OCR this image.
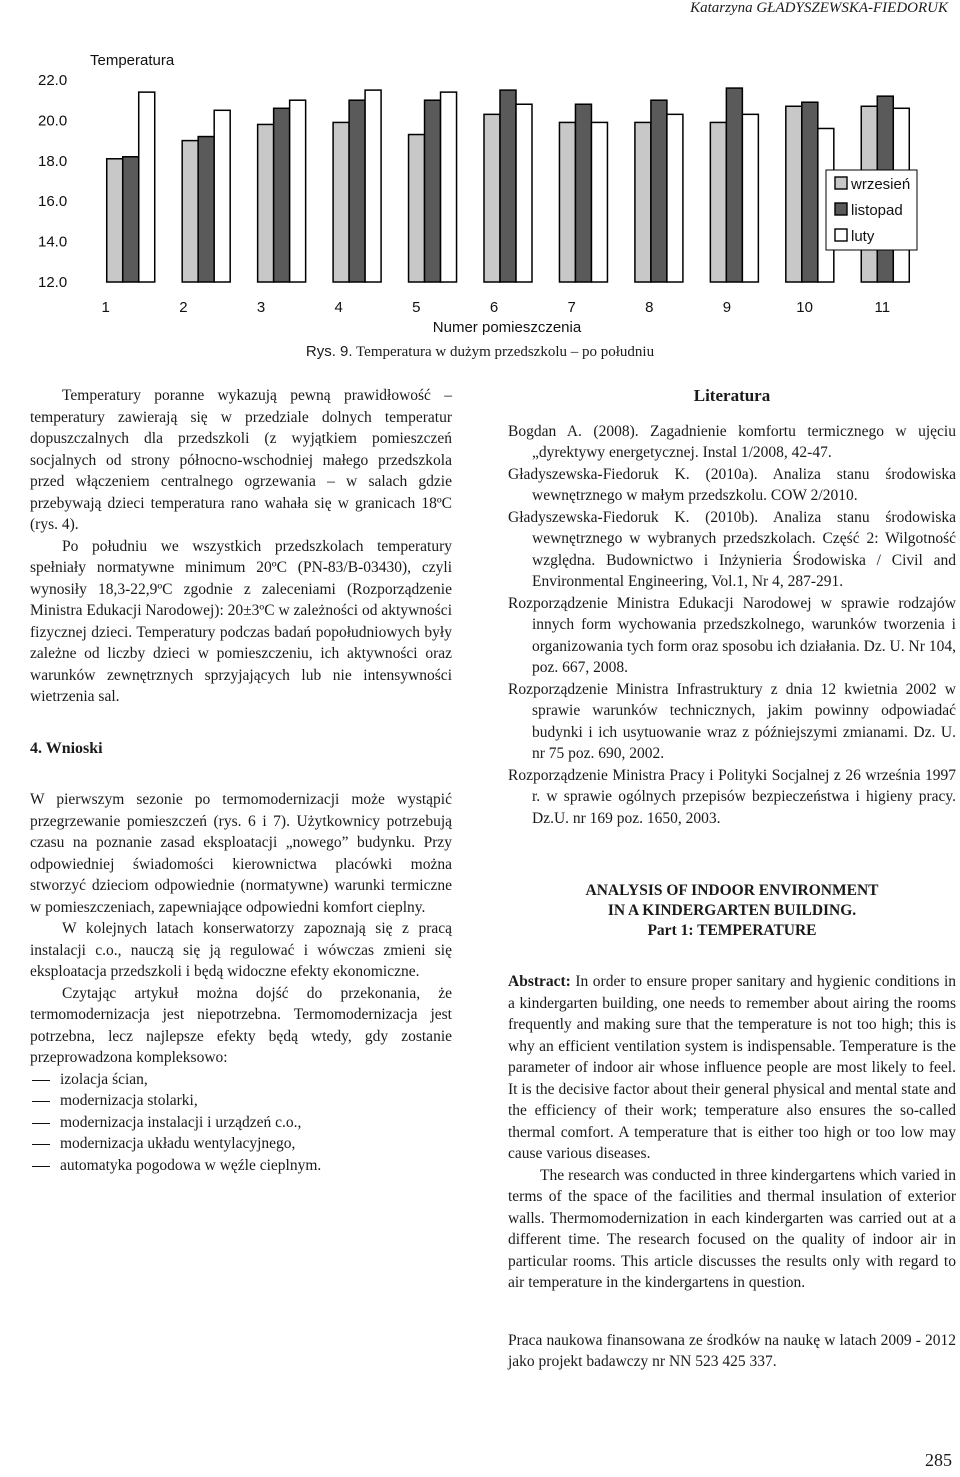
Katarzyna GŁADYSZEWSKA-FIEDORUK
Temperatura
22.0
20.0
18.0
16.0
14.0
12.0
1	2	3	4	5	6	7	8	9	10	11
Numer pomieszczenia
wrzesień
listopad
luty
Rys. 9. Temperatura w dużym przedszkolu – po południu

Temperatury poranne wykazują pewną prawidłowość – temperatury zawierają się w przedziale dolnych temperatur dopuszczalnych dla przedszkoli (z wyjątkiem pomieszczeń socjalnych od strony północno-wschodniej małego przedszkola przed włączeniem centralnego ogrzewania – w salach gdzie przebywają dzieci temperatura rano wahała się w granicach 18ºC (rys. 4).

Po południu we wszystkich przedszkolach temperatury spełniały normatywne minimum 20ºC (PN-83/B-03430), czyli wynosiły 18,3-22,9ºC zgodnie z zaleceniami (Rozporządzenie Ministra Edukacji Narodowej): 20±3ºC w zależności od aktywności fizycznej dzieci. Temperatury podczas badań popołudniowych były zależne od liczby dzieci w pomieszczeniu, ich aktywności oraz warunków zewnętrznych sprzyjających lub nie intensywności wietrzenia sal.

4. Wnioski

W pierwszym sezonie po termomodernizacji może wystąpić przegrzewanie pomieszczeń (rys. 6 i 7). Użytkownicy potrzebują czasu na poznanie zasad eksploatacji „nowego” budynku. Przy odpowiedniej świadomości kierownictwa placówki można stworzyć dzieciom odpowiednie (normatywne) warunki termiczne w pomieszczeniach, zapewniające odpowiedni komfort cieplny.

W kolejnych latach konserwatorzy zapoznają się z pracą instalacji c.o., nauczą się ją regulować i wówczas zmieni się eksploatacja przedszkoli i będą widoczne efekty ekonomiczne.

Czytając artykuł można dojść do przekonania, że termomodernizacja jest niepotrzebna. Termomodernizacja jest potrzebna, lecz najlepsze efekty będą wtedy, gdy zostanie przeprowadzona kompleksowo:

izolacja ścian,
modernizacja stolarki,
modernizacja instalacji i urządzeń c.o.,
modernizacja układu wentylacyjnego,
automatyka pogodowa w węźle cieplnym.
Literatura

Bogdan A. (2008). Zagadnienie komfortu termicznego w ujęciu „dyrektywy energetycznej. Instal 1/2008, 42-47.

Gładyszewska-Fiedoruk K. (2010a). Analiza stanu środowiska wewnętrznego w małym przedszkolu. COW 2/2010.

Gładyszewska-Fiedoruk K. (2010b). Analiza stanu środowiska wewnętrznego w wybranych przedszkolach. Część 2: Wilgotność względna. Budownictwo i Inżynieria Środowiska / Civil and Environmental Engineering, Vol.1, Nr 4, 287-291.

Rozporządzenie Ministra Edukacji Narodowej w sprawie rodzajów innych form wychowania przedszkolnego, warunków tworzenia i organizowania tych form oraz sposobu ich działania. Dz. U. Nr 104, poz. 667, 2008.

Rozporządzenie Ministra Infrastruktury z dnia 12 kwietnia 2002 w sprawie warunków technicznych, jakim powinny odpowiadać budynki i ich usytuowanie wraz z późniejszymi zmianami. Dz. U. nr 75 poz. 690, 2002.

Rozporządzenie Ministra Pracy i Polityki Socjalnej z 26 września 1997 r. w sprawie ogólnych przepisów bezpieczeństwa i higieny pracy. Dz.U. nr 169 poz. 1650, 2003.

ANALYSIS OF INDOOR ENVIRONMENT
IN A KINDERGARTEN BUILDING.
Part 1: TEMPERATURE

Abstract: In order to ensure proper sanitary and hygienic conditions in a kindergarten building, one needs to remember about airing the rooms frequently and making sure that the temperature is not too high; this is why an efficient ventilation system is indispensable. Temperature is the parameter of indoor air whose influence people are most likely to feel. It is the decisive factor about their general physical and mental state and the efficiency of their work; temperature also ensures the so-called thermal comfort. A temperature that is either too high or too low may cause various diseases.

The research was conducted in three kindergartens which varied in terms of the space of the facilities and thermal insulation of exterior walls. Thermomodernization in each kindergarten was carried out at a different time. The research focused on the quality of indoor air in particular rooms. This article discusses the results only with regard to air temperature in the kindergartens in question.

Praca naukowa finansowana ze środków na naukę w latach 2009 - 2012 jako projekt badawczy nr NN 523 425 337.

285
